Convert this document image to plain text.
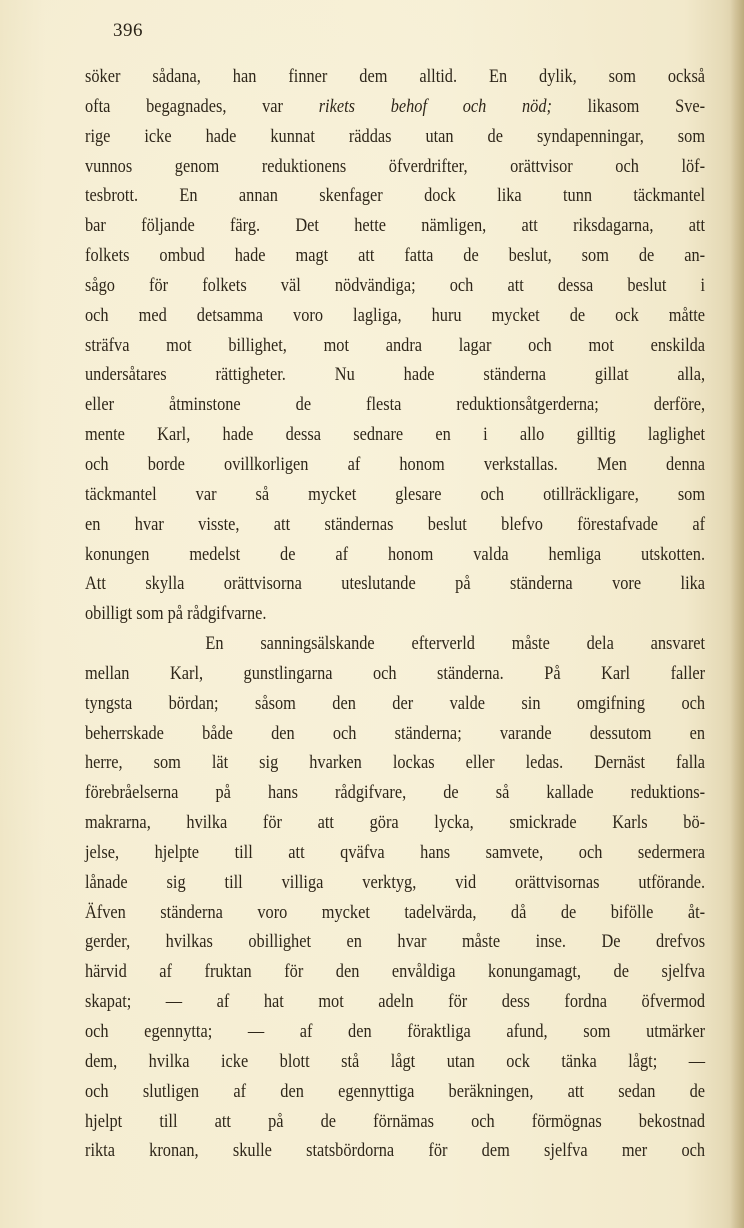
396
söker sådana, han finner dem alltid. En dylik, som också
ofta begagnades, var rikets behof och nöd; likasom Sve-
rige icke hade kunnat räddas utan de syndapenningar, som
vunnos genom reduktionens öfverdrifter, orättvisor och löf-
tesbrott. En annan skenfager dock lika tunn täckmantel
bar följande färg. Det hette nämligen, att riksdagarna, att
folkets ombud hade magt att fatta de beslut, som de an-
sågo för folkets väl nödvändiga; och att dessa beslut i
och med detsamma voro lagliga, huru mycket de ock måtte
sträfva mot billighet, mot andra lagar och mot enskilda
undersåtares rättigheter. Nu hade ständerna gillat alla,
eller åtminstone de flesta reduktionsåtgerderna; derföre,
mente Karl, hade dessa sednare en i allo gilltig laglighet
och borde ovillkorligen af honom verkstallas. Men denna
täckmantel var så mycket glesare och otillräckligare, som
en hvar visste, att ständernas beslut blefvo förestafvade af
konungen medelst de af honom valda hemliga utskotten.
Att skylla orättvisorna uteslutande på ständerna vore lika
obilligt som på rådgifvarne.
En sanningsälskande efterverld måste dela ansvaret
mellan Karl, gunstlingarna och ständerna. På Karl faller
tyngsta bördan; såsom den der valde sin omgifning och
beherrskade både den och ständerna; varande dessutom en
herre, som lät sig hvarken lockas eller ledas. Dernäst falla
förebråelserna på hans rådgifvare, de så kallade reduktions-
makrarna, hvilka för att göra lycka, smickrade Karls bö-
jelse, hjelpte till att qväfva hans samvete, och sedermera
lånade sig till villiga verktyg, vid orättvisornas utförande.
Äfven ständerna voro mycket tadelvärda, då de bifölle åt-
gerder, hvilkas obillighet en hvar måste inse. De drefvos
härvid af fruktan för den envåldiga konungamagt, de sjelfva
skapat; — af hat mot adeln för dess fordna öfvermod
och egennytta; — af den föraktliga afund, som utmärker
dem, hvilka icke blott stå lågt utan ock tänka lågt; —
och slutligen af den egennyttiga beräkningen, att sedan de
hjelpt till att på de förnämas och förmögnas bekostnad
rikta kronan, skulle statsbördorna för dem sjelfva mer och
